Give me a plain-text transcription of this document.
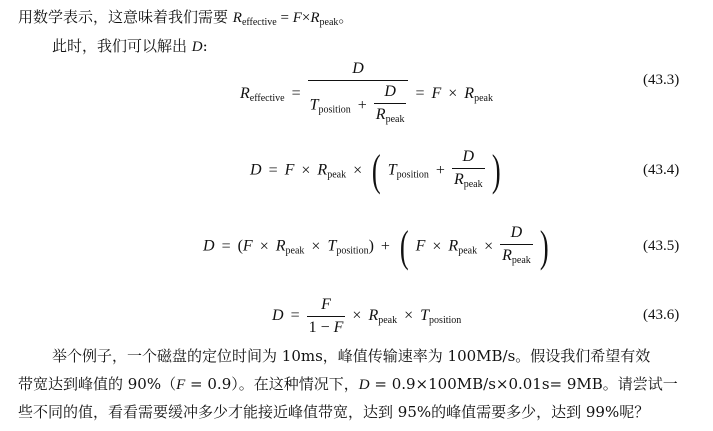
用数学表示，这意味着我们需要 $R_{effective} = F\times R_{peak}$。
此时，我们可以解出 D:
$R_{effective} = \frac{D}{T_{position} + \frac{D}{R_{peak}}} = F \times R_{peak}$
(43.3)
$D = F \times R_{peak}$ × ( $T_{position} + \frac{D}{R_{peak}}$ )	(43.4)
$D = (F \times R_{peak} \times T_{position})$ + ( $F \times R_{peak} \times \frac{D}{R_{peak}}$ )	(43.5)
$D = \frac{F}{1 - F} \times R_{peak} \times T_{position}$	(43.6)
举个例子，一个磁盘的定位时间为 10ms，峰值传输速率为 100MB/s。假设我们希望有效
带宽达到峰值的 90%（F = 0.9）。在这种情况下，D = 0.9×100MB/s×0.01s= 9MB。请尝试一
些不同的值，看看需要缓冲多少才能接近峰值带宽，达到 95%的峰值需要多少，达到 99%呢？
